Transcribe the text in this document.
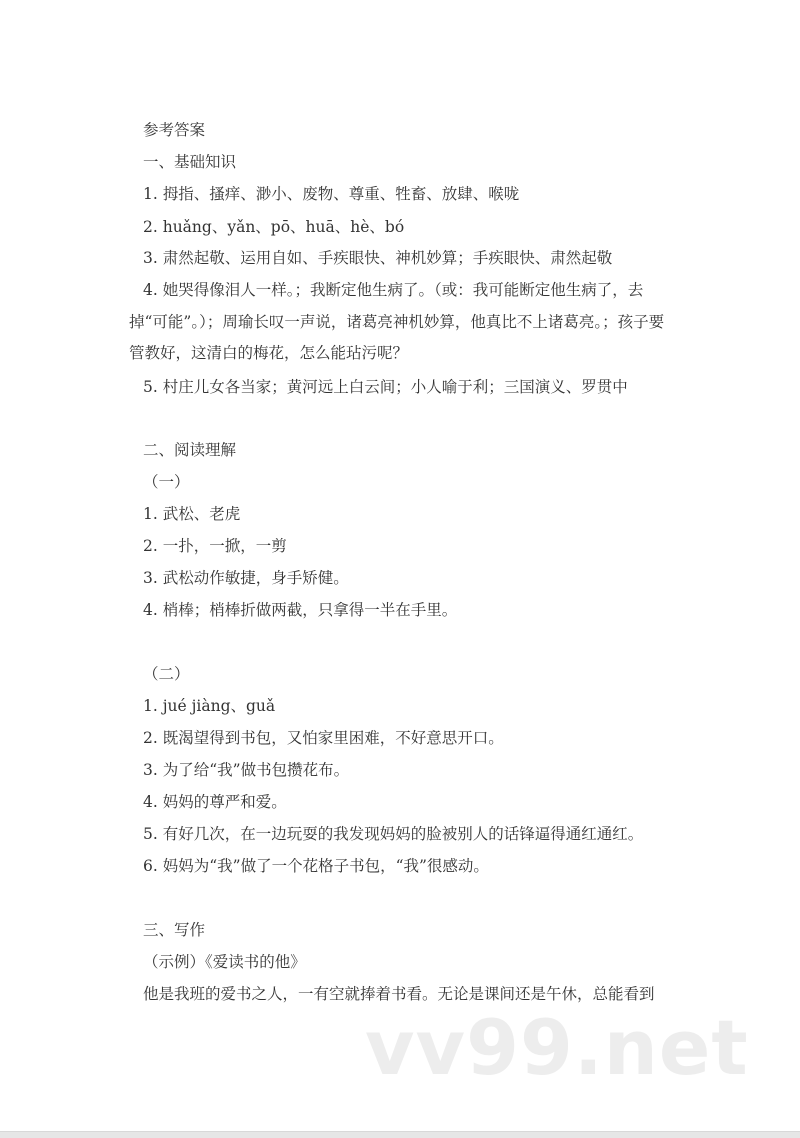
参考答案
一、基础知识
1. 拇指、搔痒、渺小、废物、尊重、牲畜、放肆、喉咙
2. huǎng、yǎn、pō、huā、hè、bó
3. 肃然起敬、运用自如、手疾眼快、神机妙算；手疾眼快、肃然起敬
4. 她哭得像泪人一样。；我断定他生病了。（或：我可能断定他生病了，去
掉“可能”。）；周瑜长叹一声说，诸葛亮神机妙算，他真比不上诸葛亮。；孩子要
管教好，这清白的梅花，怎么能玷污呢？
5. 村庄儿女各当家；黄河远上白云间；小人喻于利；三国演义、罗贯中
二、阅读理解
（一）
1. 武松、老虎
2. 一扑，一掀，一剪
3. 武松动作敏捷，身手矫健。
4. 梢棒；梢棒折做两截，只拿得一半在手里。
（二）
1. jué jiàng、guǎ
2. 既渴望得到书包，又怕家里困难，不好意思开口。
3. 为了给“我”做书包攒花布。
4. 妈妈的尊严和爱。
5. 有好几次，在一边玩耍的我发现妈妈的脸被别人的话锋逼得通红通红。
6. 妈妈为“我”做了一个花格子书包，“我”很感动。
三、写作
（示例）《爱读书的他》
他是我班的爱书之人，一有空就捧着书看。无论是课间还是午休，总能看到
vv99.net
